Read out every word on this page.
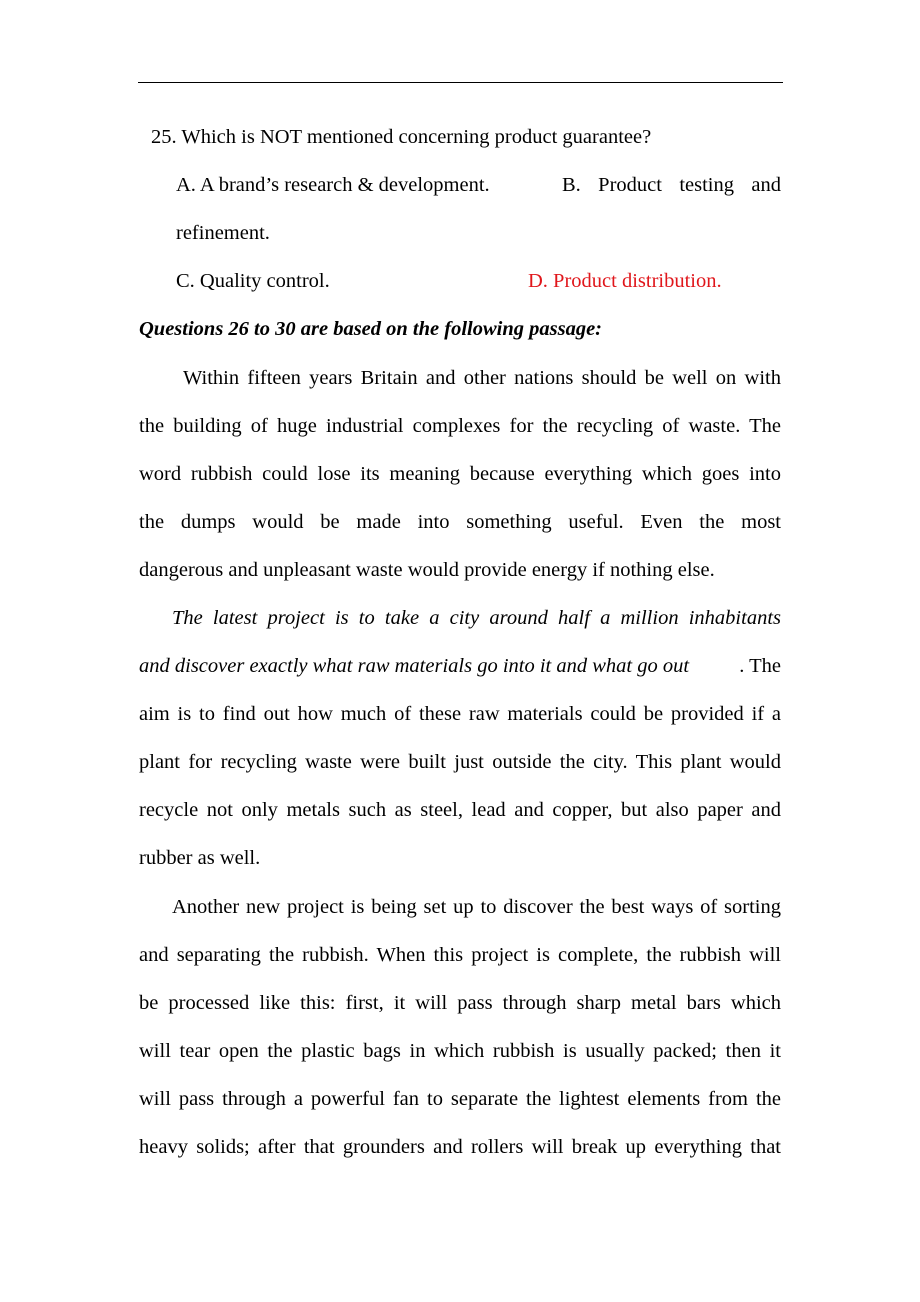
25. Which is NOT mentioned concerning product guarantee?
A. A brand’s research & development.	B. Product testing and
refinement.
C. Quality control.	D. Product distribution.
Questions 26 to 30 are based on the following passage:
Within fifteen years Britain and other nations should be well on with
the building of huge industrial complexes for the recycling of waste. The
word rubbish could lose its meaning because everything which goes into
the dumps would be made into something useful. Even the most
dangerous and unpleasant waste would provide energy if nothing else.
The latest project is to take a city around half a million inhabitants
and discover exactly what raw materials go into it and what go out . The
aim is to find out how much of these raw materials could be provided if a
plant for recycling waste were built just outside the city. This plant would
recycle not only metals such as steel, lead and copper, but also paper and
rubber as well.
Another new project is being set up to discover the best ways of sorting
and separating the rubbish. When this project is complete, the rubbish will
be processed like this: first, it will pass through sharp metal bars which
will tear open the plastic bags in which rubbish is usually packed; then it
will pass through a powerful fan to separate the lightest elements from the
heavy solids; after that grounders and rollers will break up everything that
